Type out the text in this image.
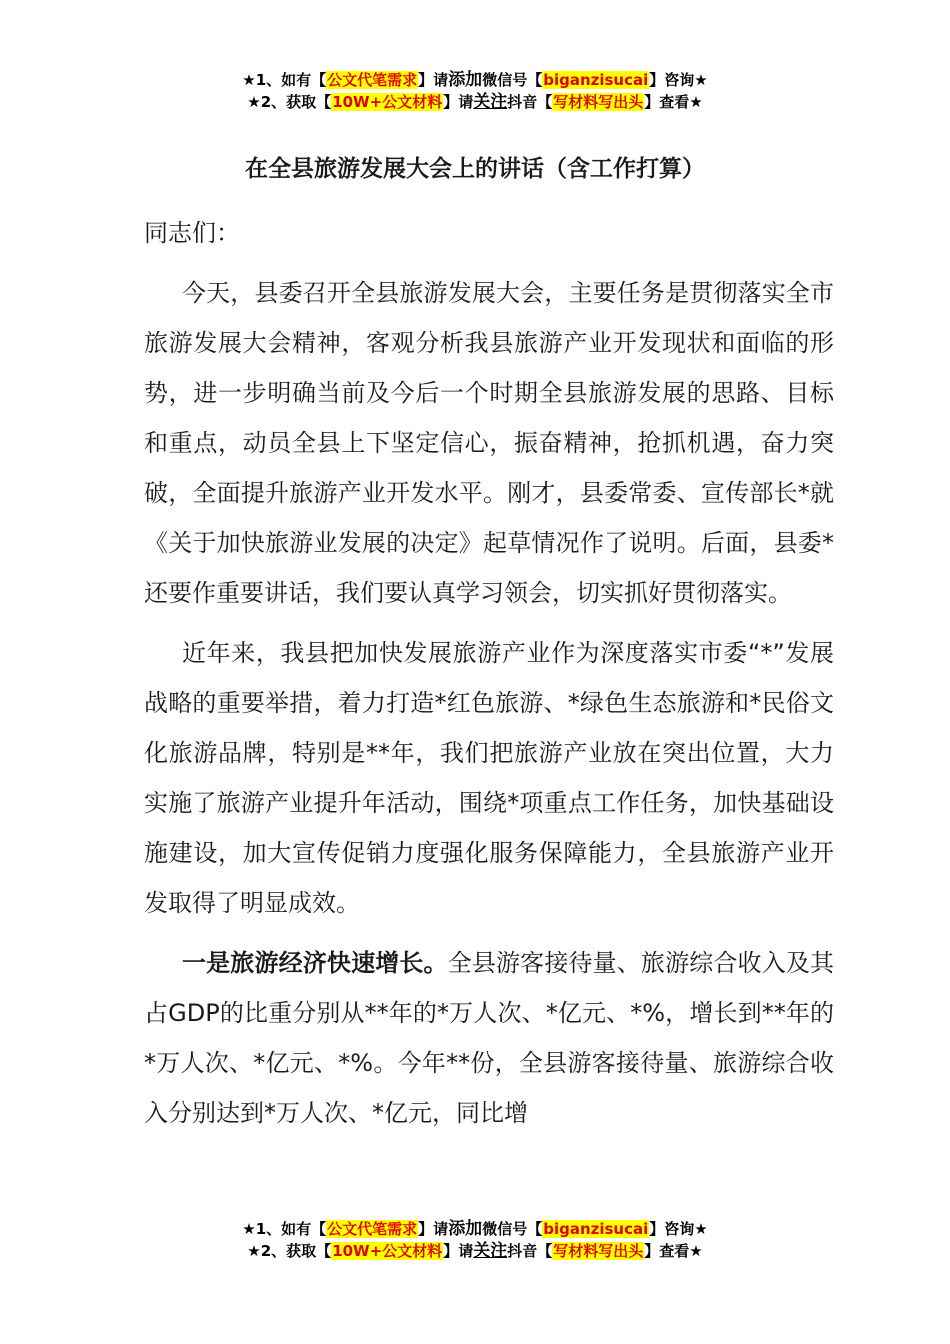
★1、如有【公文代笔需求】请添加微信号【biganzisucai】咨询★
★2、获取【10W+公文材料】请关注抖音【写材料写出头】查看★
在全县旅游发展大会上的讲话（含工作打算）

同志们：

今天，县委召开全县旅游发展大会，主要任务是贯彻落实全市旅游发展大会精神，客观分析我县旅游产业开发现状和面临的形势，进一步明确当前及今后一个时期全县旅游发展的思路、目标和重点，动员全县上下坚定信心，振奋精神，抢抓机遇，奋力突破，全面提升旅游产业开发水平。刚才，县委常委、宣传部长*就《关于加快旅游业发展的决定》起草情况作了说明。后面，县委*还要作重要讲话，我们要认真学习领会，切实抓好贯彻落实。

近年来，我县把加快发展旅游产业作为深度落实市委“*”发展战略的重要举措，着力打造*红色旅游、*绿色生态旅游和*民俗文化旅游品牌，特别是**年，我们把旅游产业放在突出位置，大力实施了旅游产业提升年活动，围绕*项重点工作任务，加快基础设施建设，加大宣传促销力度强化服务保障能力，全县旅游产业开发取得了明显成效。

一是旅游经济快速增长。全县游客接待量、旅游综合收入及其占GDP的比重分别从**年的*万人次、*亿元、*%，增长到**年的*万人次、*亿元、*%。今年**份，全县游客接待量、旅游综合收入分别达到*万人次、*亿元，同比增

★1、如有【公文代笔需求】请添加微信号【biganzisucai】咨询★
★2、获取【10W+公文材料】请关注抖音【写材料写出头】查看★
